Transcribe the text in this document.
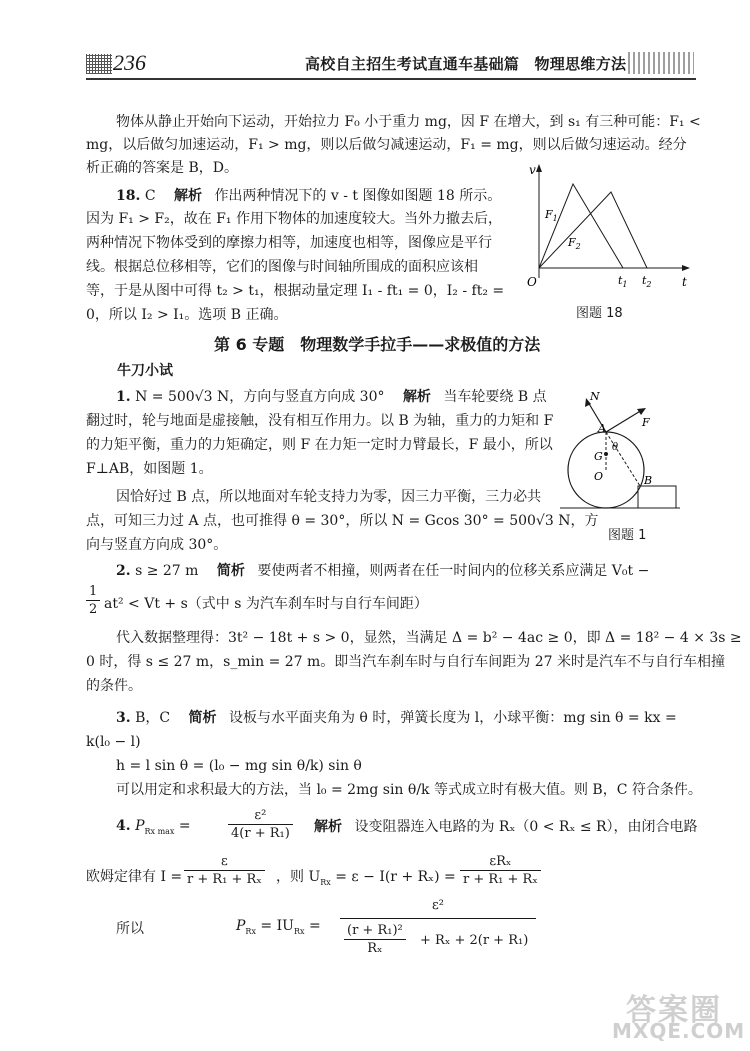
236	高校自主招生考试直通车基础篇　物理思维方法
物体从静止开始向下运动，开始拉力 F₀ 小于重力 mg，因 F 在增大，到 s₁ 有三种可能：F₁ <
mg，以后做匀加速运动，F₁ > mg，则以后做匀减速运动，F₁ = mg，则以后做匀速运动。经分
析正确的答案是 B，D。
18. C 解析 作出两种情况下的 v - t 图像如图题 18 所示。
因为 F₁ > F₂，故在 F₁ 作用下物体的加速度较大。当外力撤去后，
两种情况下物体受到的摩擦力相等，加速度也相等，图像应是平行
线。根据总位移相等，它们的图像与时间轴所围成的面积应该相
等，于是从图中可得 t₂ > t₁，根据动量定理 I₁ - ft₁ = 0，I₂ - ft₂ =
0，所以 I₂ > I₁。选项 B 正确。
v
t
O
$F_1$
$F_2$
$t_1$ $t_2$
图题 18
第 6 专题　物理数学手拉手——求极值的方法
牛刀小试
1. N = 500√3 N，方向与竖直方向成 30° 解析 当车轮要绕 B 点
翻过时，轮与地面是虚接触，没有相互作用力。以 B 为轴，重力的力矩和 F
的力矩平衡，重力的力矩确定，则 F 在力矩一定时力臂最长，F 最小，所以
F⊥AB，如图题 1。
因恰好过 B 点，所以地面对车轮支持力为零，因三力平衡，三力必共
点，可知三力过 A 点，也可推得 θ = 30°，所以 N = Gcos 30° = 500√3 N，方
向与竖直方向成 30°。
N
F
A
G
O	B
θ
图题 1
2. s ≥ 27 m 简析 要使两者不相撞，则两者在任一时间内的位移关系应满足 V₀t −
1
2 at² < Vt + s（式中 s 为汽车刹车时与自行车间距）
代入数据整理得：3t² − 18t + s > 0，显然，当满足 Δ = b² − 4ac ≥ 0，即 Δ = 18² − 4 × 3s ≥
0 时，得 s ≤ 27 m，s_min = 27 m。即当汽车刹车时与自行车间距为 27 米时是汽车不与自行车相撞
的条件。
3. B，C 简析 设板与水平面夹角为 θ 时，弹簧长度为 l，小球平衡：mg sin θ = kx =
k(l₀ − l)
h = l sin θ = (l₀ − mg sin θ/k) sin θ
可以用定和求积最大的方法，当 l₀ = 2mg sin θ/k 等式成立时有极大值。则 B，C 符合条件。
4. $P_{Rx max}$ =
ε²
4(r + R₁) 解析 设变阻器连入电路的为 Rₓ（0 < Rₓ ≤ R），由闭合电路
欧姆定律有 I =
ε
r + R₁ + Rₓ ，则 $U_{Rx} = \varepsilon - I(r + R_x)$ =
εRₓ
r + R₁ + Rₓ
所以	$P_{Rx} = IU_{Rx}$ =
ε²
(r + R₁)²
Rₓ
+ Rₓ + 2(r + R₁)
答案圈
MXQE.COM
